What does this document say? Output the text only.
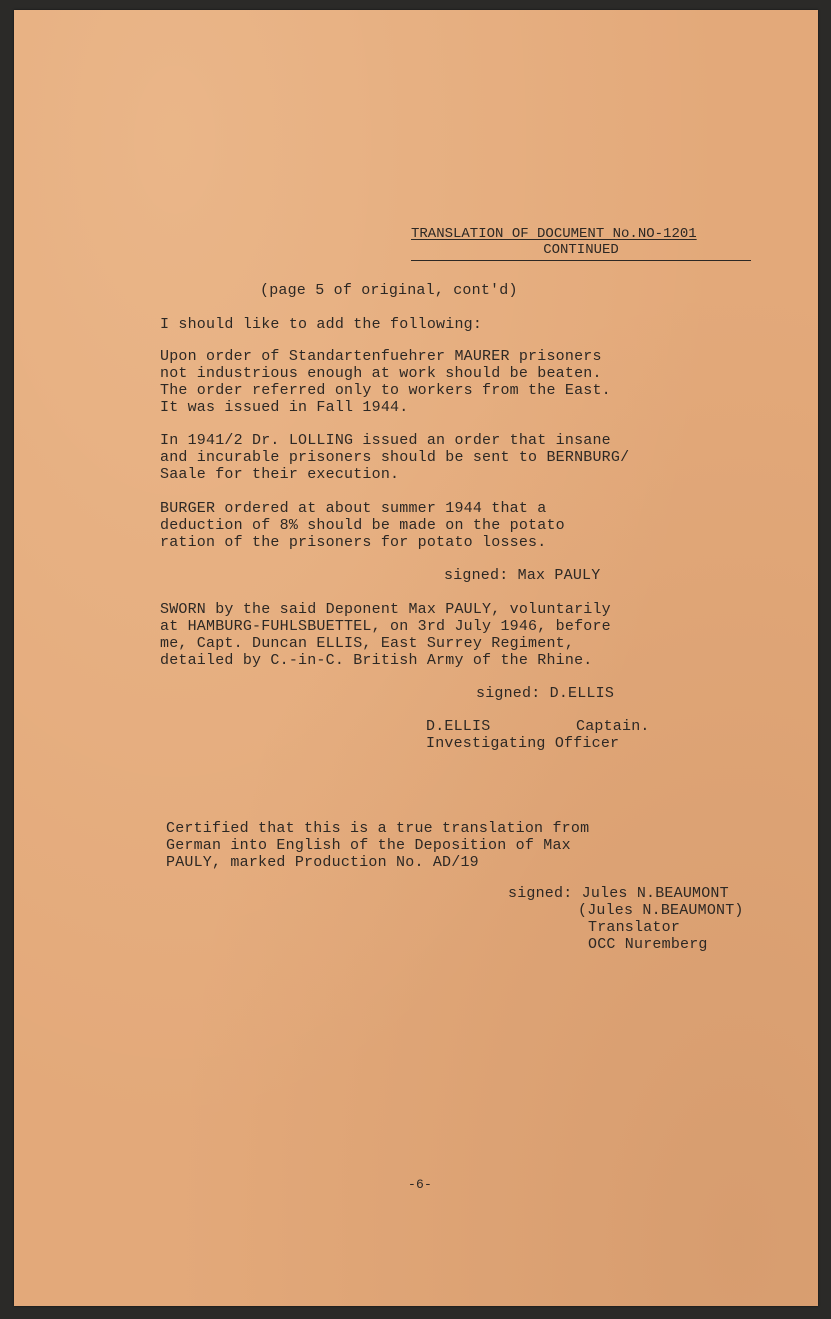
TRANSLATION OF DOCUMENT No.NO-1201
CONTINUED
(page 5 of original, cont'd)
I should like to add the following:
Upon order of Standartenfuehrer MAURER prisoners
not industrious enough at work should be beaten.
The order referred only to workers from the East.
It was issued in Fall 1944.
In 1941/2 Dr. LOLLING issued an order that insane
and incurable prisoners should be sent to BERNBURG/
Saale for their execution.
BURGER ordered at about summer 1944 that a
deduction of 8% should be made on the potato
ration of the prisoners for potato losses.
signed: Max PAULY
SWORN by the said Deponent Max PAULY, voluntarily
at HAMBURG-FUHLSBUETTEL, on 3rd July 1946, before
me, Capt. Duncan ELLIS, East Surrey Regiment,
detailed by C.-in-C. British Army of the Rhine.
signed: D.ELLIS
D.ELLIS	Captain.
Investigating Officer
Certified that this is a true translation from
German into English of the Deposition of Max
PAULY, marked Production No. AD/19
signed: Jules N.BEAUMONT
(Jules N.BEAUMONT)
Translator
OCC Nuremberg
-6-
